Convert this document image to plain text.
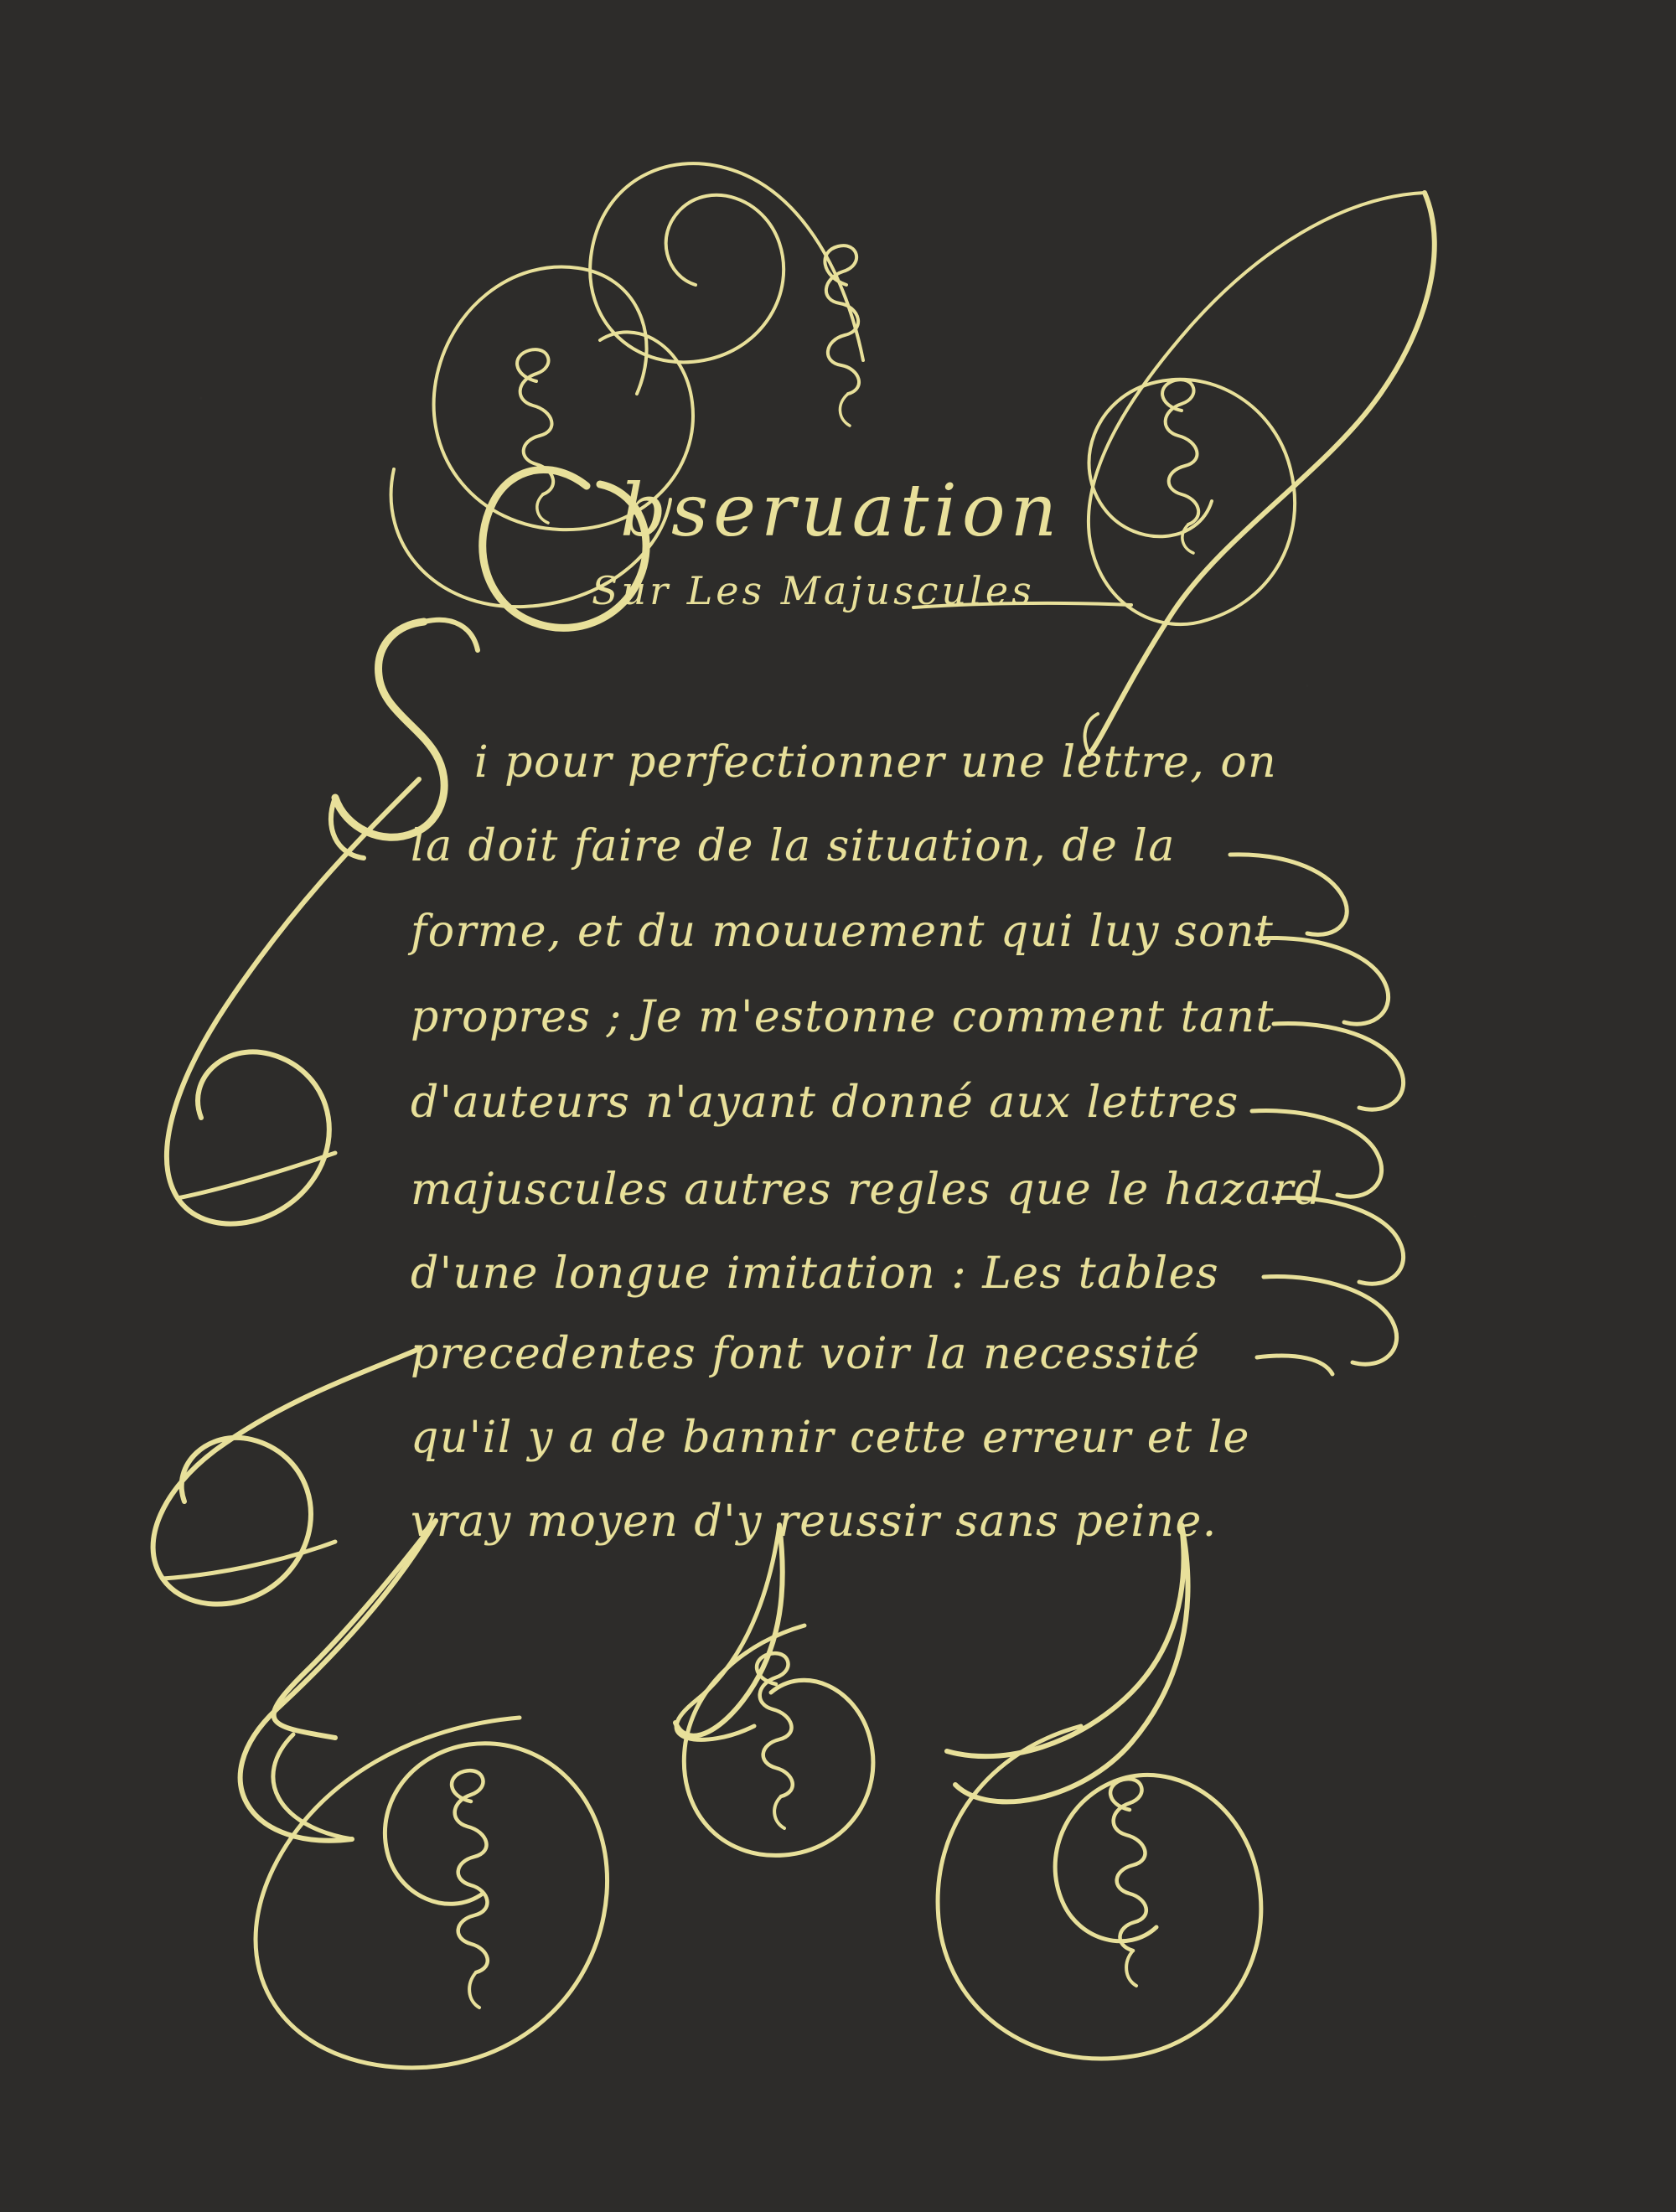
bseruation
Sur Les Majuscules
i pour perfectionner une lettre, on
la doit faire de la situation, de la
forme, et du mouuement qui luy sont
propres ; Je m'estonne comment tant
d'auteurs n'ayant donné aux lettres
majuscules autres regles que le hazard
d'une longue imitation : Les tables
precedentes font voir la necessité
qu'il y a de bannir cette erreur et le
vray moyen d'y reussir sans peine.
